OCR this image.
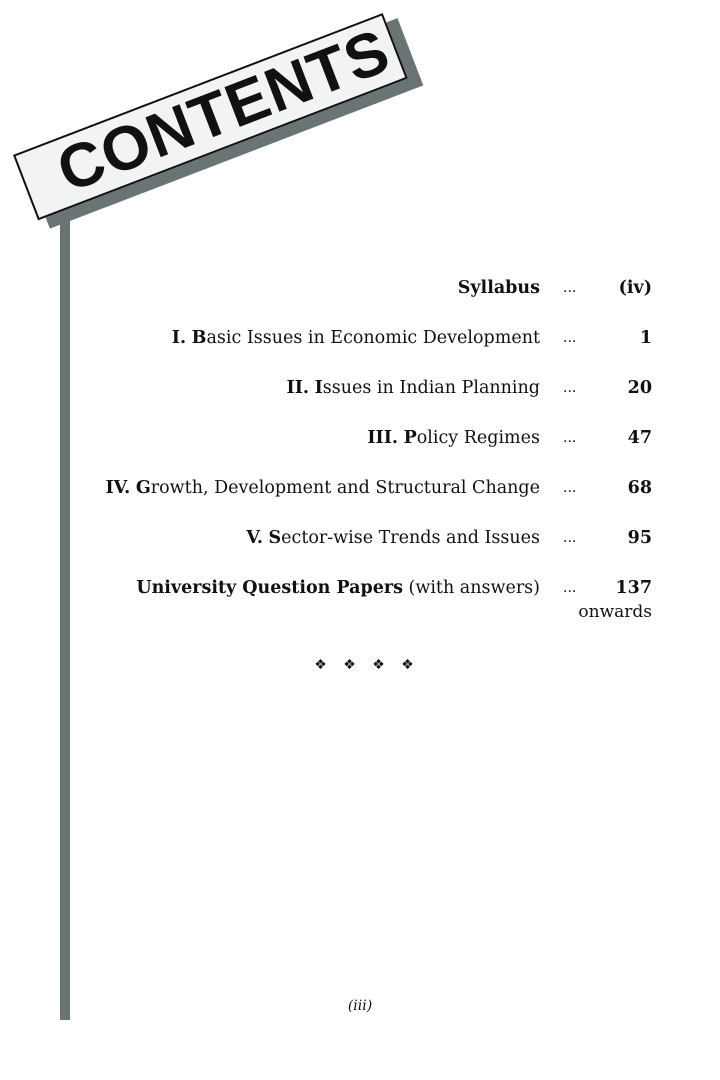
CONTENTS
Syllabus ... (iv)
I. Basic Issues in Economic Development ...	1
II. Issues in Indian Planning ...	20
III. Policy Regimes ...	47
IV. Growth, Development and Structural Change ...	68
V. Sector-wise Trends and Issues ...	95
University Question Papers (with answers) ... 137
onwards
❖ ❖ ❖ ❖
(iii)
